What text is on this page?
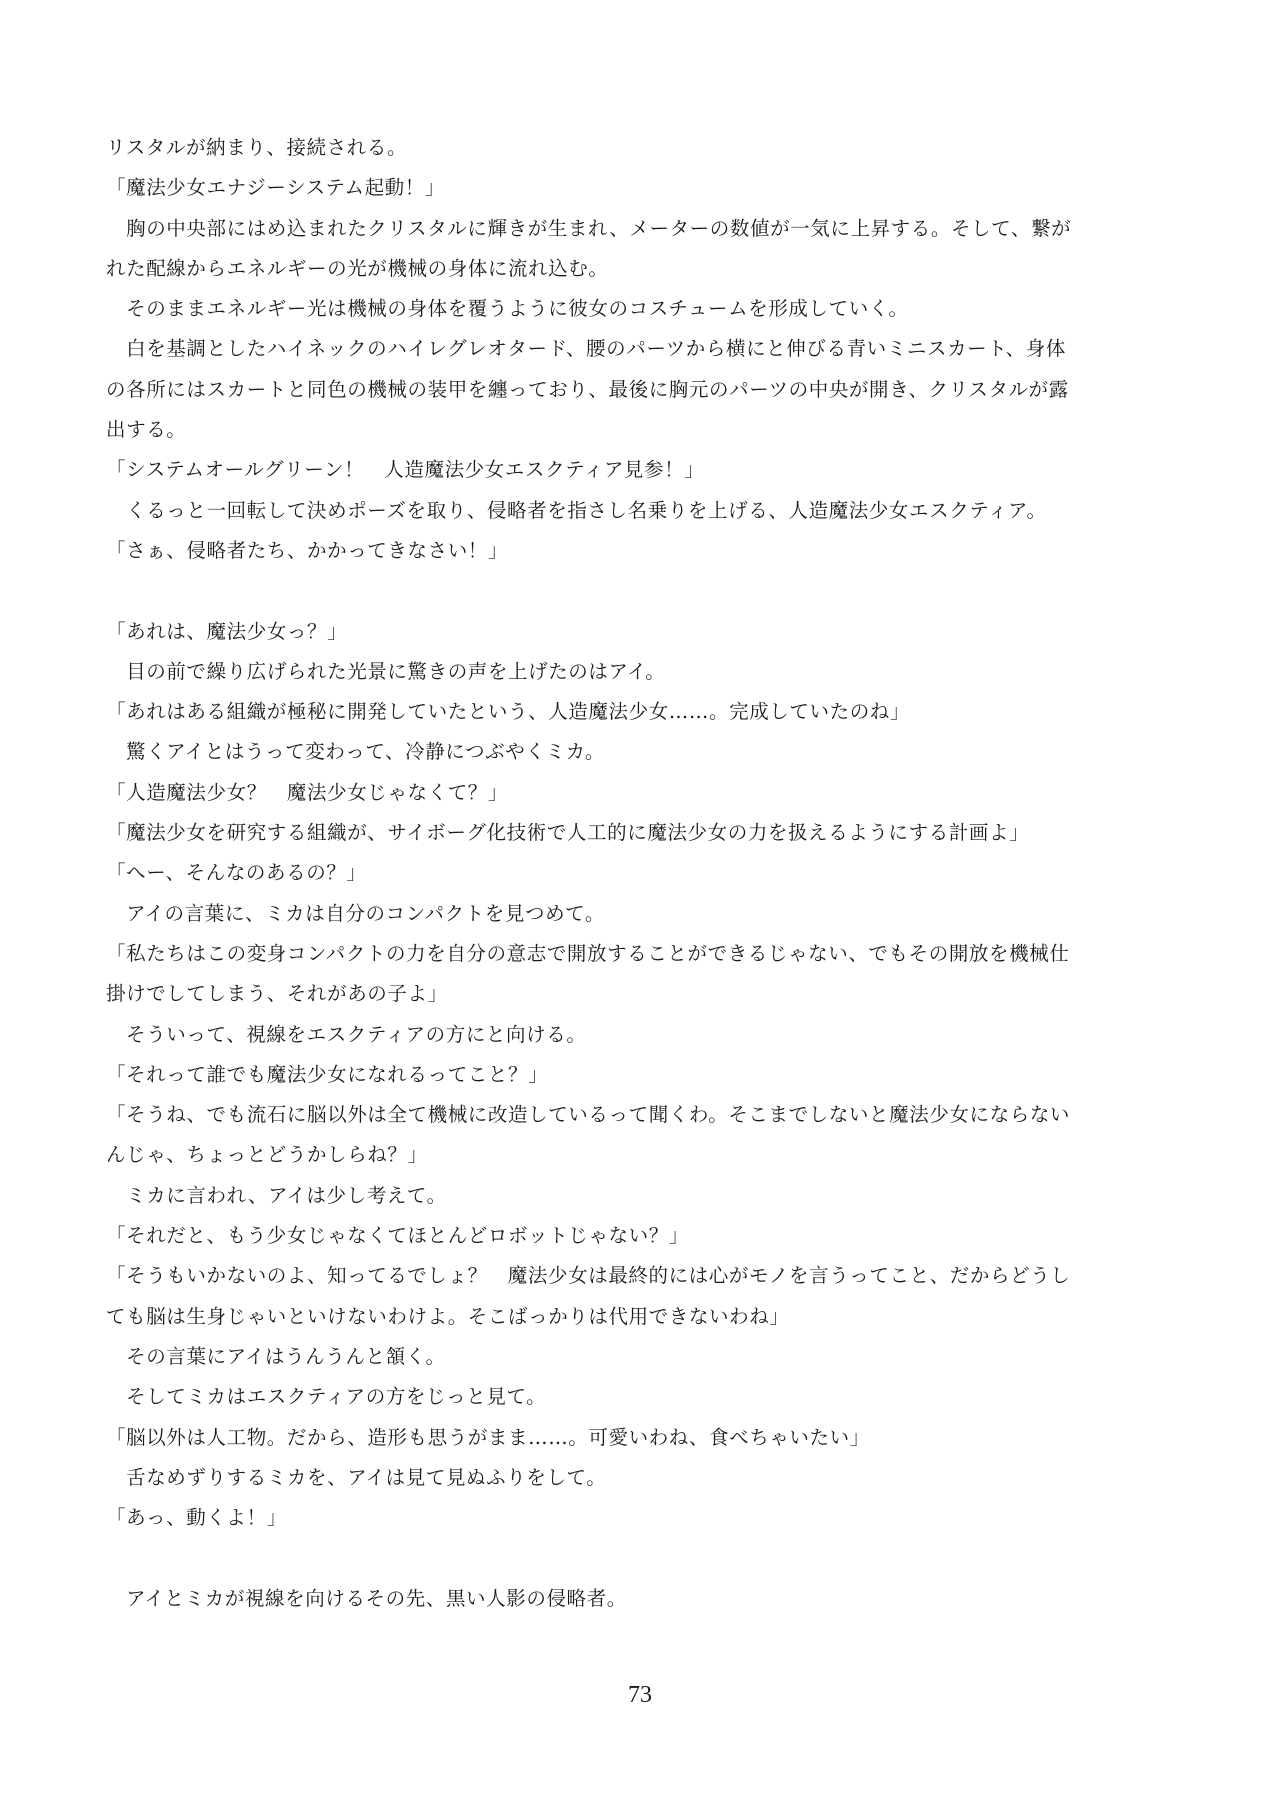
リスタルが納まり、接続される。
「魔法少女エナジーシステム起動！」
　胸の中央部にはめ込まれたクリスタルに輝きが生まれ、メーターの数値が一気に上昇する。そして、繋が
れた配線からエネルギーの光が機械の身体に流れ込む。
　そのままエネルギー光は機械の身体を覆うように彼女のコスチュームを形成していく。
　白を基調としたハイネックのハイレグレオタード、腰のパーツから横にと伸びる青いミニスカート、身体
の各所にはスカートと同色の機械の装甲を纏っており、最後に胸元のパーツの中央が開き、クリスタルが露
出する。
「システムオールグリーン！　人造魔法少女エスクティア見参！」
　くるっと一回転して決めポーズを取り、侵略者を指さし名乗りを上げる、人造魔法少女エスクティア。
「さぁ、侵略者たち、かかってきなさい！」
「あれは、魔法少女っ？」
　目の前で繰り広げられた光景に驚きの声を上げたのはアイ。
「あれはある組織が極秘に開発していたという、人造魔法少女……。完成していたのね」
　驚くアイとはうって変わって、冷静につぶやくミカ。
「人造魔法少女？　魔法少女じゃなくて？」
「魔法少女を研究する組織が、サイボーグ化技術で人工的に魔法少女の力を扱えるようにする計画よ」
「へー、そんなのあるの？」
　アイの言葉に、ミカは自分のコンパクトを見つめて。
「私たちはこの変身コンパクトの力を自分の意志で開放することができるじゃない、でもその開放を機械仕
掛けでしてしまう、それがあの子よ」
　そういって、視線をエスクティアの方にと向ける。
「それって誰でも魔法少女になれるってこと？」
「そうね、でも流石に脳以外は全て機械に改造しているって聞くわ。そこまでしないと魔法少女にならない
んじゃ、ちょっとどうかしらね？」
　ミカに言われ、アイは少し考えて。
「それだと、もう少女じゃなくてほとんどロボットじゃない？」
「そうもいかないのよ、知ってるでしょ？　魔法少女は最終的には心がモノを言うってこと、だからどうし
ても脳は生身じゃいといけないわけよ。そこばっかりは代用できないわね」
　その言葉にアイはうんうんと頷く。
　そしてミカはエスクティアの方をじっと見て。
「脳以外は人工物。だから、造形も思うがまま……。可愛いわね、食べちゃいたい」
　舌なめずりするミカを、アイは見て見ぬふりをして。
「あっ、動くよ！」
　アイとミカが視線を向けるその先、黒い人影の侵略者。
73
